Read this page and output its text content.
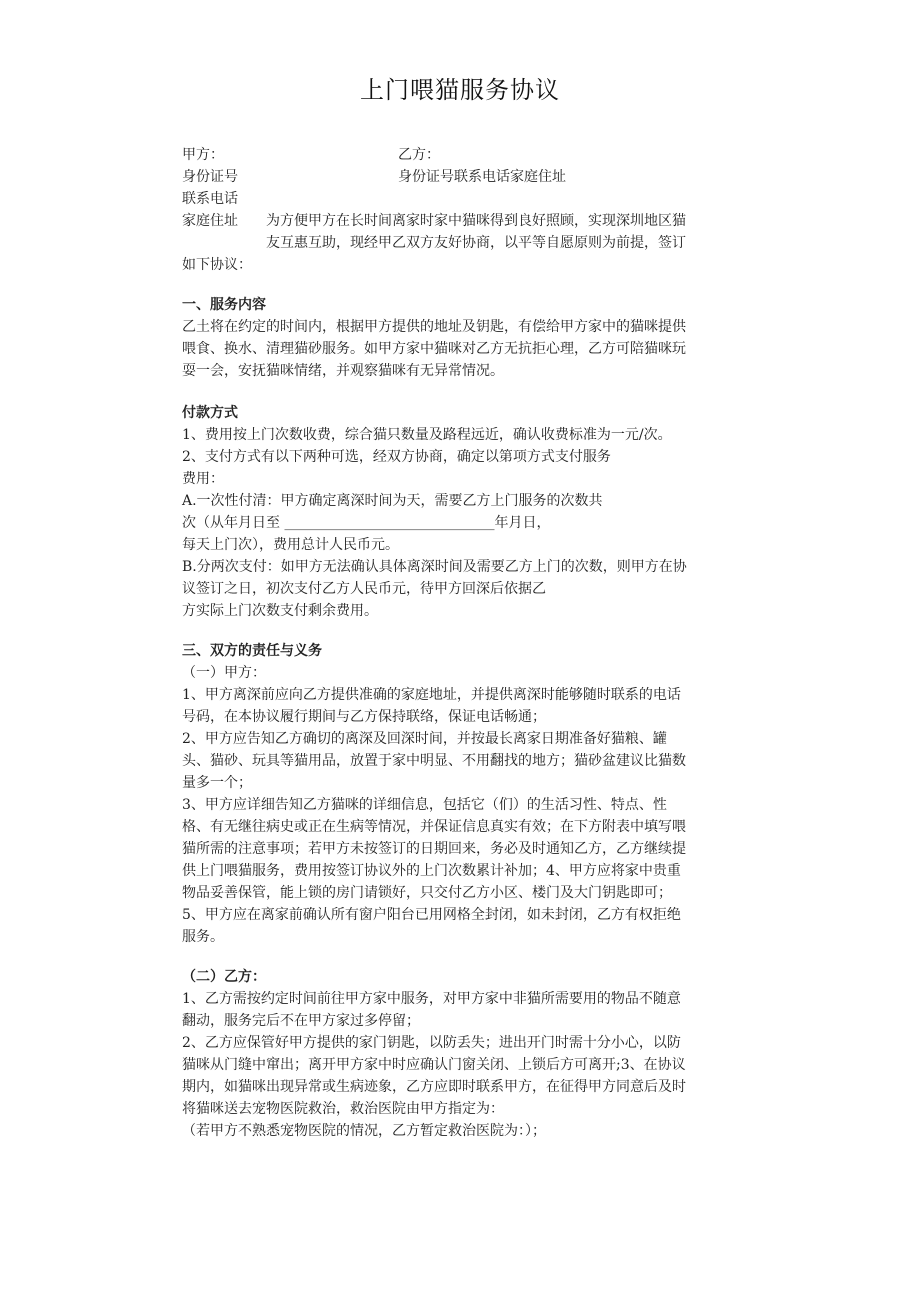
上门喂猫服务协议
甲方：	乙方：
身份证号	身份证号联系电话家庭住址
联系电话
家庭住址 为方便甲方在长时间离家时家中猫咪得到良好照顾，实现深圳地区猫
友互惠互助，现经甲乙双方友好协商，以平等自愿原则为前提，签订
如下协议：
一、服务内容
乙土将在约定的时间内，根据甲方提供的地址及钥匙，有偿给甲方家中的猫咪提供
喂食、换水、清理猫砂服务。如甲方家中猫咪对乙方无抗拒心理，乙方可陪猫咪玩
耍一会，安抚猫咪情绪，并观察猫咪有无异常情况。
付款方式
1、费用按上门次数收费，综合猫只数量及路程远近，确认收费标准为一元/次。
2、支付方式有以下两种可选，经双方协商，确定以第项方式支付服务
费用：
A.一次性付清：甲方确定离深时间为天，需要乙方上门服务的次数共
次（从年月日至 ______________________________年月日，
每天上门次），费用总计人民币元。
B.分两次支付：如甲方无法确认具体离深时间及需要乙方上门的次数，则甲方在协
议签订之日，初次支付乙方人民币元，待甲方回深后依据乙
方实际上门次数支付剩余费用。
三、双方的责任与义务
（一）甲方：
1、甲方离深前应向乙方提供准确的家庭地址，并提供离深时能够随时联系的电话
号码，在本协议履行期间与乙方保持联络，保证电话畅通；
2、甲方应告知乙方确切的离深及回深时间，并按最长离家日期准备好猫粮、罐
头、猫砂、玩具等猫用品，放置于家中明显、不用翻找的地方；猫砂盆建议比猫数
量多一个；
3、甲方应详细告知乙方猫咪的详细信息，包括它（们）的生活习性、特点、性
格、有无继往病史或正在生病等情况，并保证信息真实有效；在下方附表中填写喂
猫所需的注意事项；若甲方未按签订的日期回来，务必及时通知乙方，乙方继续提
供上门喂猫服务，费用按签订协议外的上门次数累计补加；4、甲方应将家中贵重
物品妥善保管，能上锁的房门请锁好，只交付乙方小区、楼门及大门钥匙即可；
5、甲方应在离家前确认所有窗户阳台已用网格全封闭，如未封闭，乙方有权拒绝
服务。
（二）乙方：
1、乙方需按约定时间前往甲方家中服务，对甲方家中非猫所需要用的物品不随意
翻动，服务完后不在甲方家过多停留；
2、乙方应保管好甲方提供的家门钥匙，以防丢失；进出开门时需十分小心，以防
猫咪从门缝中窜出；离开甲方家中时应确认门窗关闭、上锁后方可离开;3、在协议
期内，如猫咪出现异常或生病迹象，乙方应即时联系甲方，在征得甲方同意后及时
将猫咪送去宠物医院救治，救治医院由甲方指定为：
（若甲方不熟悉宠物医院的情况，乙方暂定救治医院为：）；
